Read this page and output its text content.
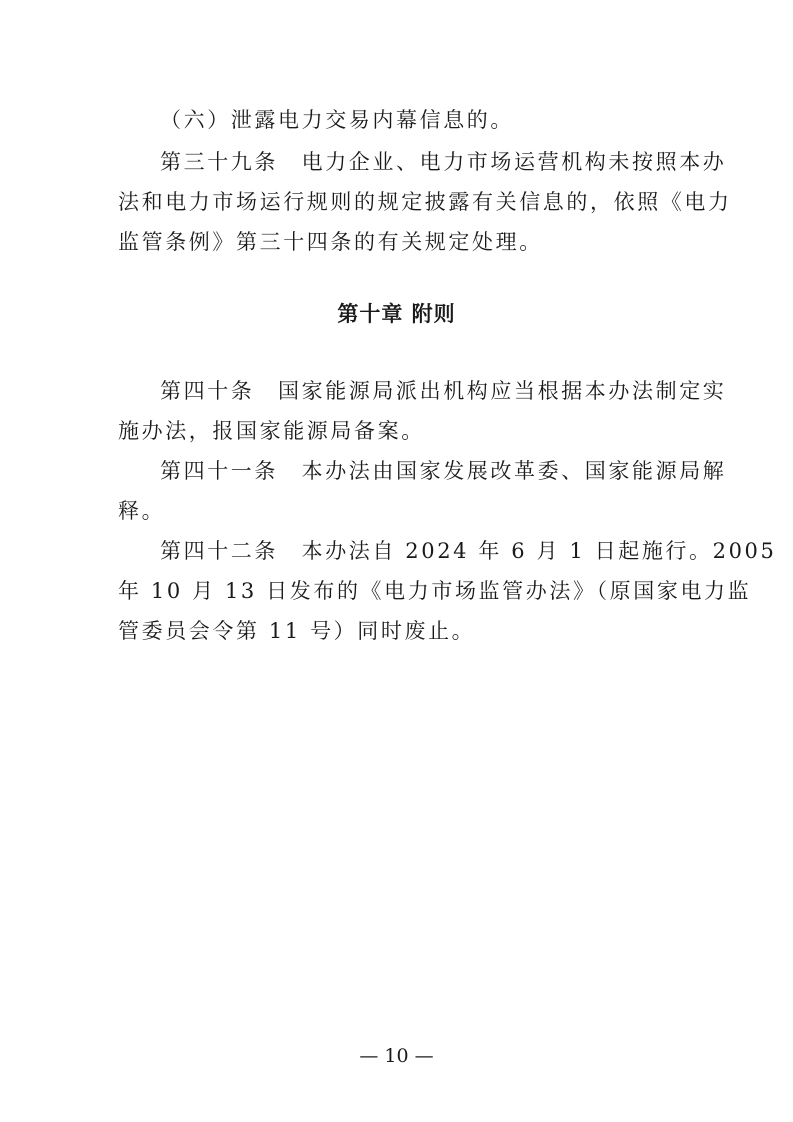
（六）泄露电力交易内幕信息的。
第三十九条　电力企业、电力市场运营机构未按照本办
法和电力市场运行规则的规定披露有关信息的，依照《电力
监管条例》第三十四条的有关规定处理。
第十章 附则
第四十条　国家能源局派出机构应当根据本办法制定实
施办法，报国家能源局备案。
第四十一条　本办法由国家发展改革委、国家能源局解
释。
第四十二条　本办法自 2024 年 6 月 1 日起施行。2005
年 10 月 13 日发布的《电力市场监管办法》（原国家电力监
管委员会令第 11 号）同时废止。
— 10 —
